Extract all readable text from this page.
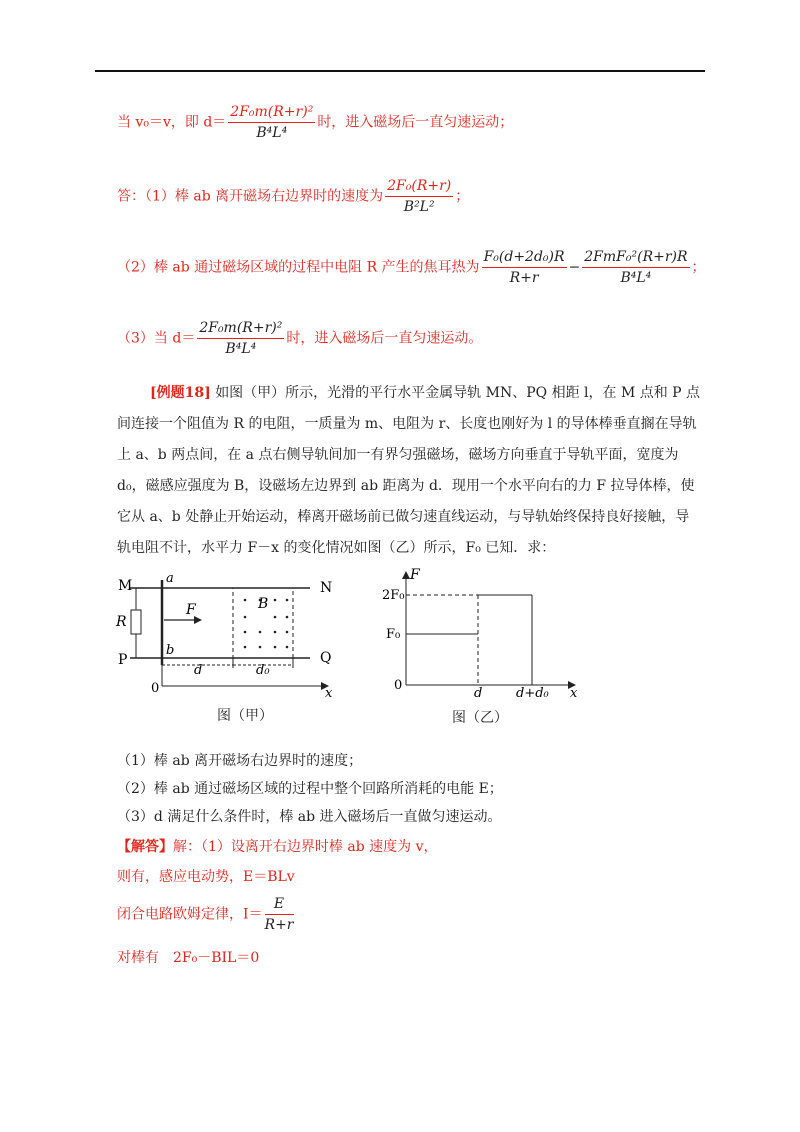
当 v₀＝v，即 $d= \frac{\text{2F₀m(R+r)²}}{\text{B⁴L⁴}}$ 时，进入磁场后一直匀速运动；
答：（1）棒 ab 离开磁场右边界时的速度为 $\frac{\text{2F₀(R+r)}}{\text{B²L²}}$ ；
（2）棒 ab 通过磁场区域的过程中电阻 R 产生的焦耳热为 $\frac{\text{F₀(d+2d₀)R}}{R+r} - \frac{\text{2FmF₀²(R+r)R}}{\text{B⁴L⁴}}$ ；
（3）当 $d= \frac{\text{2F₀m(R+r)²}}{\text{B⁴L⁴}}$ 时，进入磁场后一直匀速运动。
[例题18] 如图（甲）所示，光滑的平行水平金属导轨 MN、PQ 相距 l，在 M 点和 P 点间连接一个阻值为 R 的电阻，一质量为 m、电阻为 r、长度也刚好为 l 的导体棒垂直搁在导轨上 a、b 两点间，在 a 点右侧导轨间加一有界匀强磁场，磁场方向垂直于导轨平面，宽度为 d₀，磁感应强度为 B，设磁场左边界到 ab 距离为 d．现用一个水平向右的力 F 拉导体棒，使它从 a、b 处静止开始运动，棒离开磁场前已做匀速直线运动，与导轨始终保持良好接触，导轨电阻不计，水平力 F－x 的变化情况如图（乙）所示，F₀ 已知．求：
M	N
P	Q
R
a
b
F	B
d	d₀
0	x
图（甲）
F
2F₀
F₀
0
d	d+d₀ x
图（乙）
（1）棒 ab 离开磁场右边界时的速度；
（2）棒 ab 通过磁场区域的过程中整个回路所消耗的电能 E；
（3）d 满足什么条件时，棒 ab 进入磁场后一直做匀速运动。
【解答】解：（1）设离开右边界时棒 ab 速度为 v，
则有，感应电动势，E＝BLv
闭合电路欧姆定律，$I= \frac{E}{R+r}$
对棒有　2F₀－BIL＝0
